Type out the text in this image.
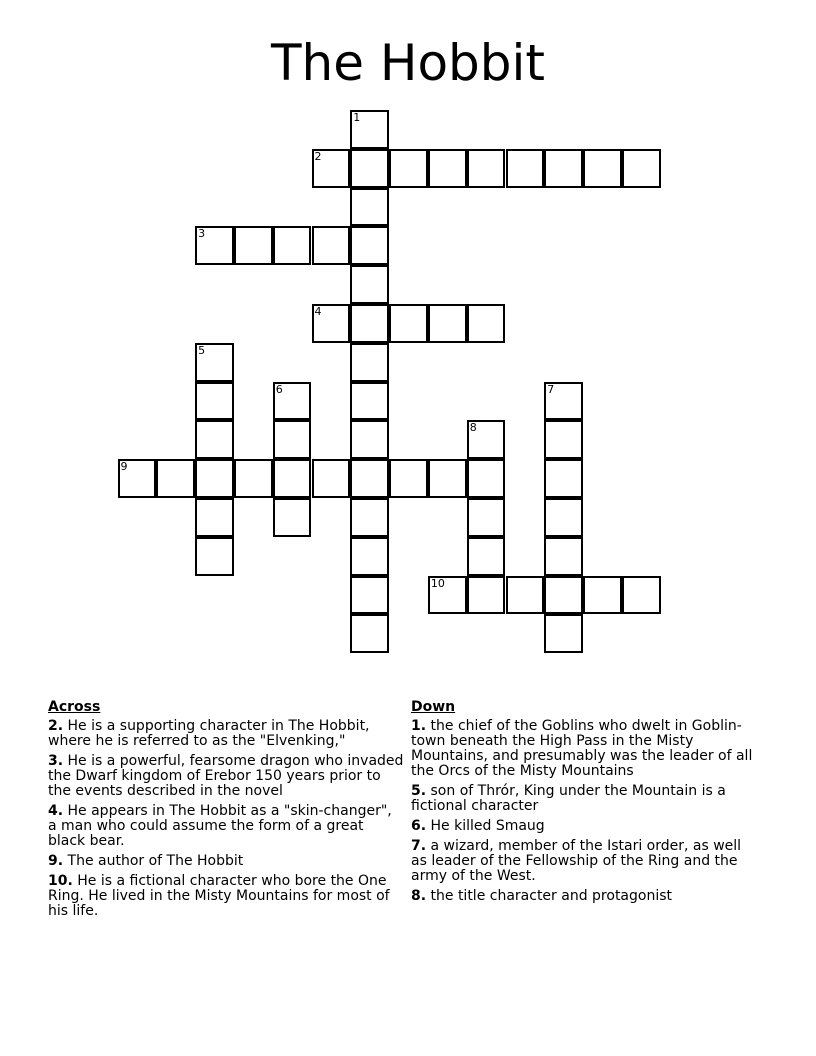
The Hobbit
1
2
3
4
5
6	7
8
9
10
Across
2. He is a supporting character in The Hobbit, where he is referred to as the "Elvenking,"
3. He is a powerful, fearsome dragon who invaded the Dwarf kingdom of Erebor 150 years prior to the events described in the novel
4. He appears in The Hobbit as a "skin-changer", a man who could assume the form of a great black bear.
9. The author of The Hobbit
10. He is a fictional character who bore the One Ring. He lived in the Misty Mountains for most of his life.
Down
1. the chief of the Goblins who dwelt in Goblin-town beneath the High Pass in the Misty Mountains, and presumably was the leader of all the Orcs of the Misty Mountains
5. son of Thrór, King under the Mountain is a fictional character
6. He killed Smaug
7. a wizard, member of the Istari order, as well as leader of the Fellowship of the Ring and the army of the West.
8. the title character and protagonist
